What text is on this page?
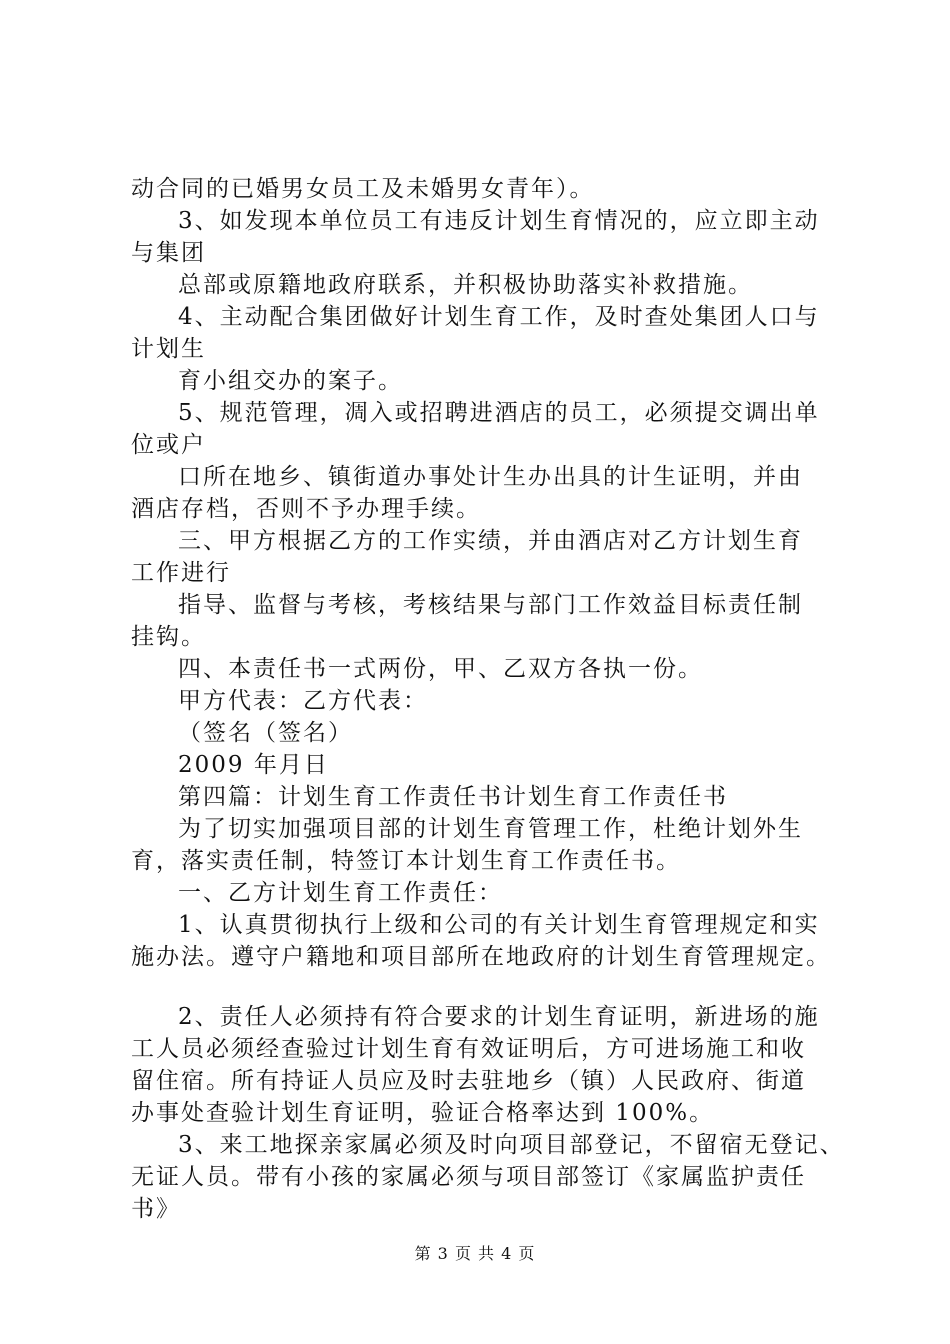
动合同的已婚男女员工及未婚男女青年）。
3、如发现本单位员工有违反计划生育情况的，应立即主动
与集团
总部或原籍地政府联系，并积极协助落实补救措施。
4、主动配合集团做好计划生育工作，及时查处集团人口与
计划生
育小组交办的案子。
5、规范管理，凋入或招聘进酒店的员工，必须提交调出单
位或户
口所在地乡、镇街道办事处计生办出具的计生证明，并由
酒店存档，否则不予办理手续。
三、甲方根据乙方的工作实绩，并由酒店对乙方计划生育
工作进行
指导、监督与考核，考核结果与部门工作效益目标责任制
挂钩。
四、本责任书一式两份，甲、乙双方各执一份。
甲方代表：乙方代表：
（签名（签名）
2009 年月日
第四篇：计划生育工作责任书计划生育工作责任书
为了切实加强项目部的计划生育管理工作，杜绝计划外生
育，落实责任制，特签订本计划生育工作责任书。
一、乙方计划生育工作责任：
1、认真贯彻执行上级和公司的有关计划生育管理规定和实
施办法。遵守户籍地和项目部所在地政府的计划生育管理规定。
2、责任人必须持有符合要求的计划生育证明，新进场的施
工人员必须经查验过计划生育有效证明后，方可进场施工和收
留住宿。所有持证人员应及时去驻地乡（镇）人民政府、街道
办事处查验计划生育证明，验证合格率达到 100%。
3、来工地探亲家属必须及时向项目部登记，不留宿无登记、
无证人员。带有小孩的家属必须与项目部签订《家属监护责任
书》
第 3 页 共 4 页
